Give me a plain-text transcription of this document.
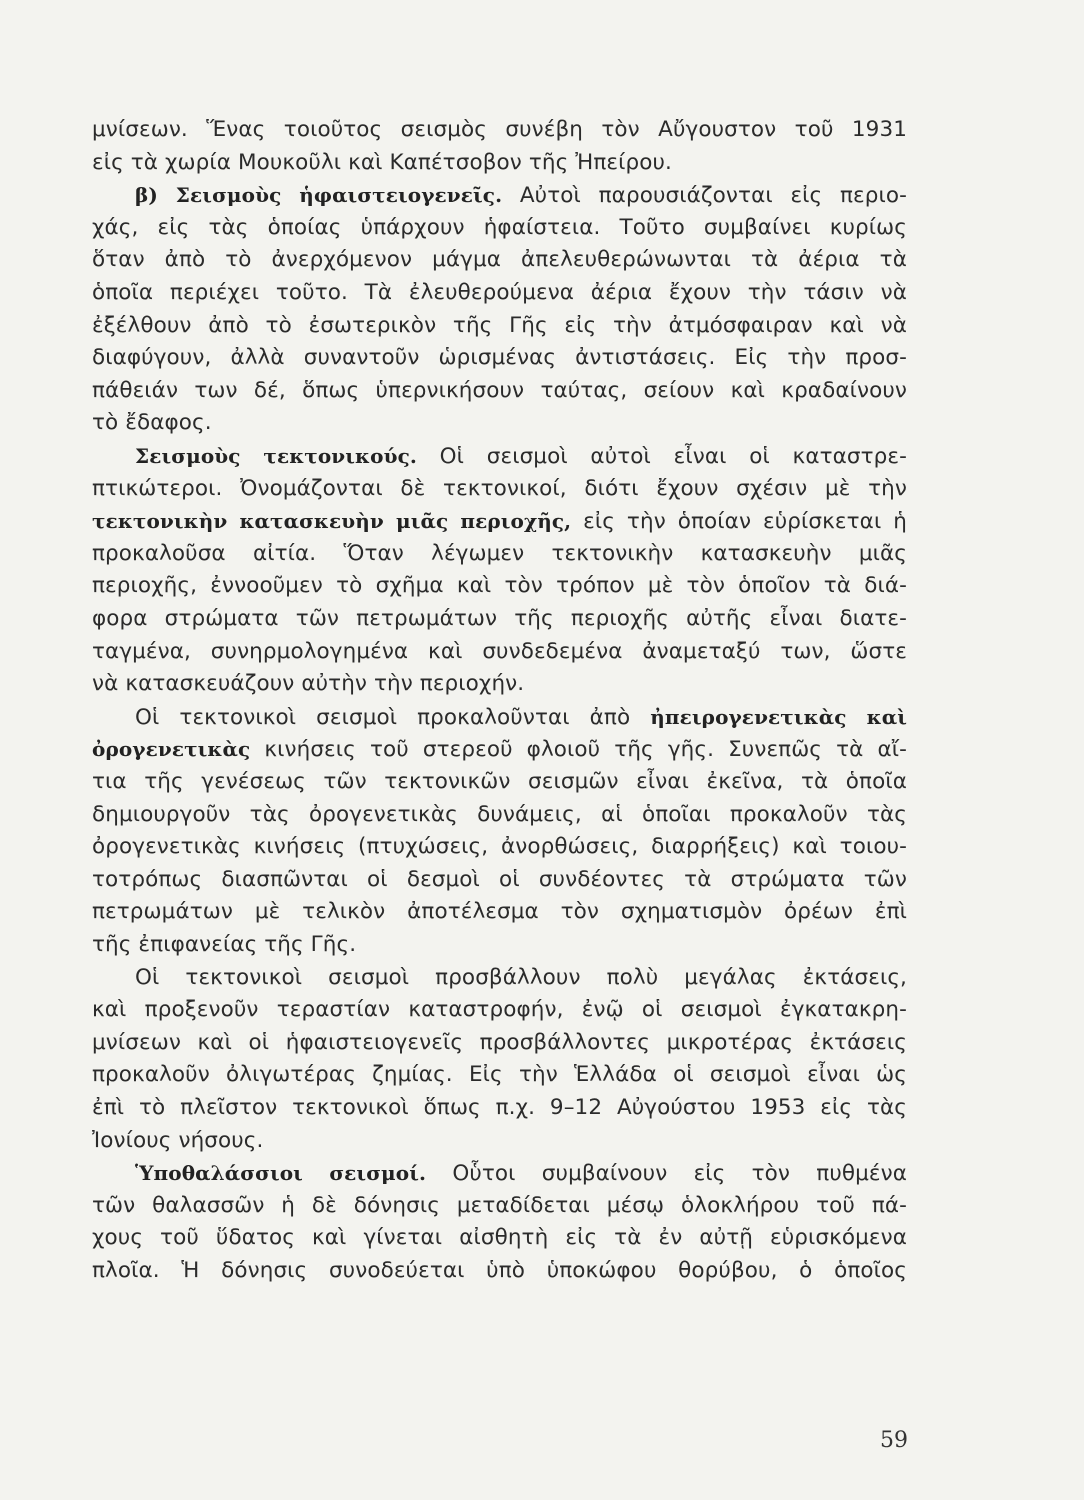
μνίσεων. Ἕνας τοιοῦτος σεισμὸς συνέβη τὸν Αὔγουστον τοῦ 1931
εἰς τὰ χωρία Μουκοῦλι καὶ Καπέτσοβον τῆς Ἠπείρου.
β) Σεισμοὺς ἡφαιστειογενεῖς. Αὐτοὶ παρουσιάζονται εἰς περιο-
χάς, εἰς τὰς ὁποίας ὑπάρχουν ἡφαίστεια. Τοῦτο συμβαίνει κυρίως
ὅταν ἀπὸ τὸ ἀνερχόμενον μάγμα ἀπελευθερώνωνται τὰ ἀέρια τὰ
ὁποῖα περιέχει τοῦτο. Τὰ ἐλευθερούμενα ἀέρια ἔχουν τὴν τάσιν νὰ
ἐξέλθουν ἀπὸ τὸ ἐσωτερικὸν τῆς Γῆς εἰς τὴν ἀτμόσφαιραν καὶ νὰ
διαφύγουν, ἀλλὰ συναντοῦν ὡρισμένας ἀντιστάσεις. Εἰς τὴν προσ-
πάθειάν των δέ, ὅπως ὑπερνικήσουν ταύτας, σείουν καὶ κραδαίνουν
τὸ ἔδαφος.
Σεισμοὺς τεκτονικούς. Οἱ σεισμοὶ αὐτοὶ εἶναι οἱ καταστρε-
πτικώτεροι. Ὀνομάζονται δὲ τεκτονικοί, διότι ἔχουν σχέσιν μὲ τὴν
τεκτονικὴν κατασκευὴν μιᾶς περιοχῆς, εἰς τὴν ὁποίαν εὑρίσκεται ἡ
προκαλοῦσα αἰτία. Ὅταν λέγωμεν τεκτονικὴν κατασκευὴν μιᾶς
περιοχῆς, ἐννοοῦμεν τὸ σχῆμα καὶ τὸν τρόπον μὲ τὸν ὁποῖον τὰ διά-
φορα στρώματα τῶν πετρωμάτων τῆς περιοχῆς αὐτῆς εἶναι διατε-
ταγμένα, συνηρμολογημένα καὶ συνδεδεμένα ἀναμεταξύ των, ὥστε
νὰ κατασκευάζουν αὐτὴν τὴν περιοχήν.
Οἱ τεκτονικοὶ σεισμοὶ προκαλοῦνται ἀπὸ ἠπειρογενετικὰς καὶ
ὀρογενετικὰς κινήσεις τοῦ στερεοῦ φλοιοῦ τῆς γῆς. Συνεπῶς τὰ αἴ-
τια τῆς γενέσεως τῶν τεκτονικῶν σεισμῶν εἶναι ἐκεῖνα, τὰ ὁποῖα
δημιουργοῦν τὰς ὀρογενετικὰς δυνάμεις, αἱ ὁποῖαι προκαλοῦν τὰς
ὀρογενετικὰς κινήσεις (πτυχώσεις, ἀνορθώσεις, διαρρήξεις) καὶ τοιου-
τοτρόπως διασπῶνται οἱ δεσμοὶ οἱ συνδέοντες τὰ στρώματα τῶν
πετρωμάτων μὲ τελικὸν ἀποτέλεσμα τὸν σχηματισμὸν ὀρέων ἐπὶ
τῆς ἐπιφανείας τῆς Γῆς.
Οἱ τεκτονικοὶ σεισμοὶ προσβάλλουν πολὺ μεγάλας ἐκτάσεις,
καὶ προξενοῦν τεραστίαν καταστροφήν, ἐνῷ οἱ σεισμοὶ ἐγκατακρη-
μνίσεων καὶ οἱ ἡφαιστειογενεῖς προσβάλλοντες μικροτέρας ἐκτάσεις
προκαλοῦν ὀλιγωτέρας ζημίας. Εἰς τὴν Ἑλλάδα οἱ σεισμοὶ εἶναι ὡς
ἐπὶ τὸ πλεῖστον τεκτονικοὶ ὅπως π.χ. 9–12 Αὐγούστου 1953 εἰς τὰς
Ἰονίους νήσους.
Ὑποθαλάσσιοι σεισμοί. Οὗτοι συμβαίνουν εἰς τὸν πυθμένα
τῶν θαλασσῶν ἡ δὲ δόνησις μεταδίδεται μέσῳ ὁλοκλήρου τοῦ πά-
χους τοῦ ὕδατος καὶ γίνεται αἰσθητὴ εἰς τὰ ἐν αὐτῇ εὑρισκόμενα
πλοῖα. Ἡ δόνησις συνοδεύεται ὑπὸ ὑποκώφου θορύβου, ὁ ὁποῖος
59
